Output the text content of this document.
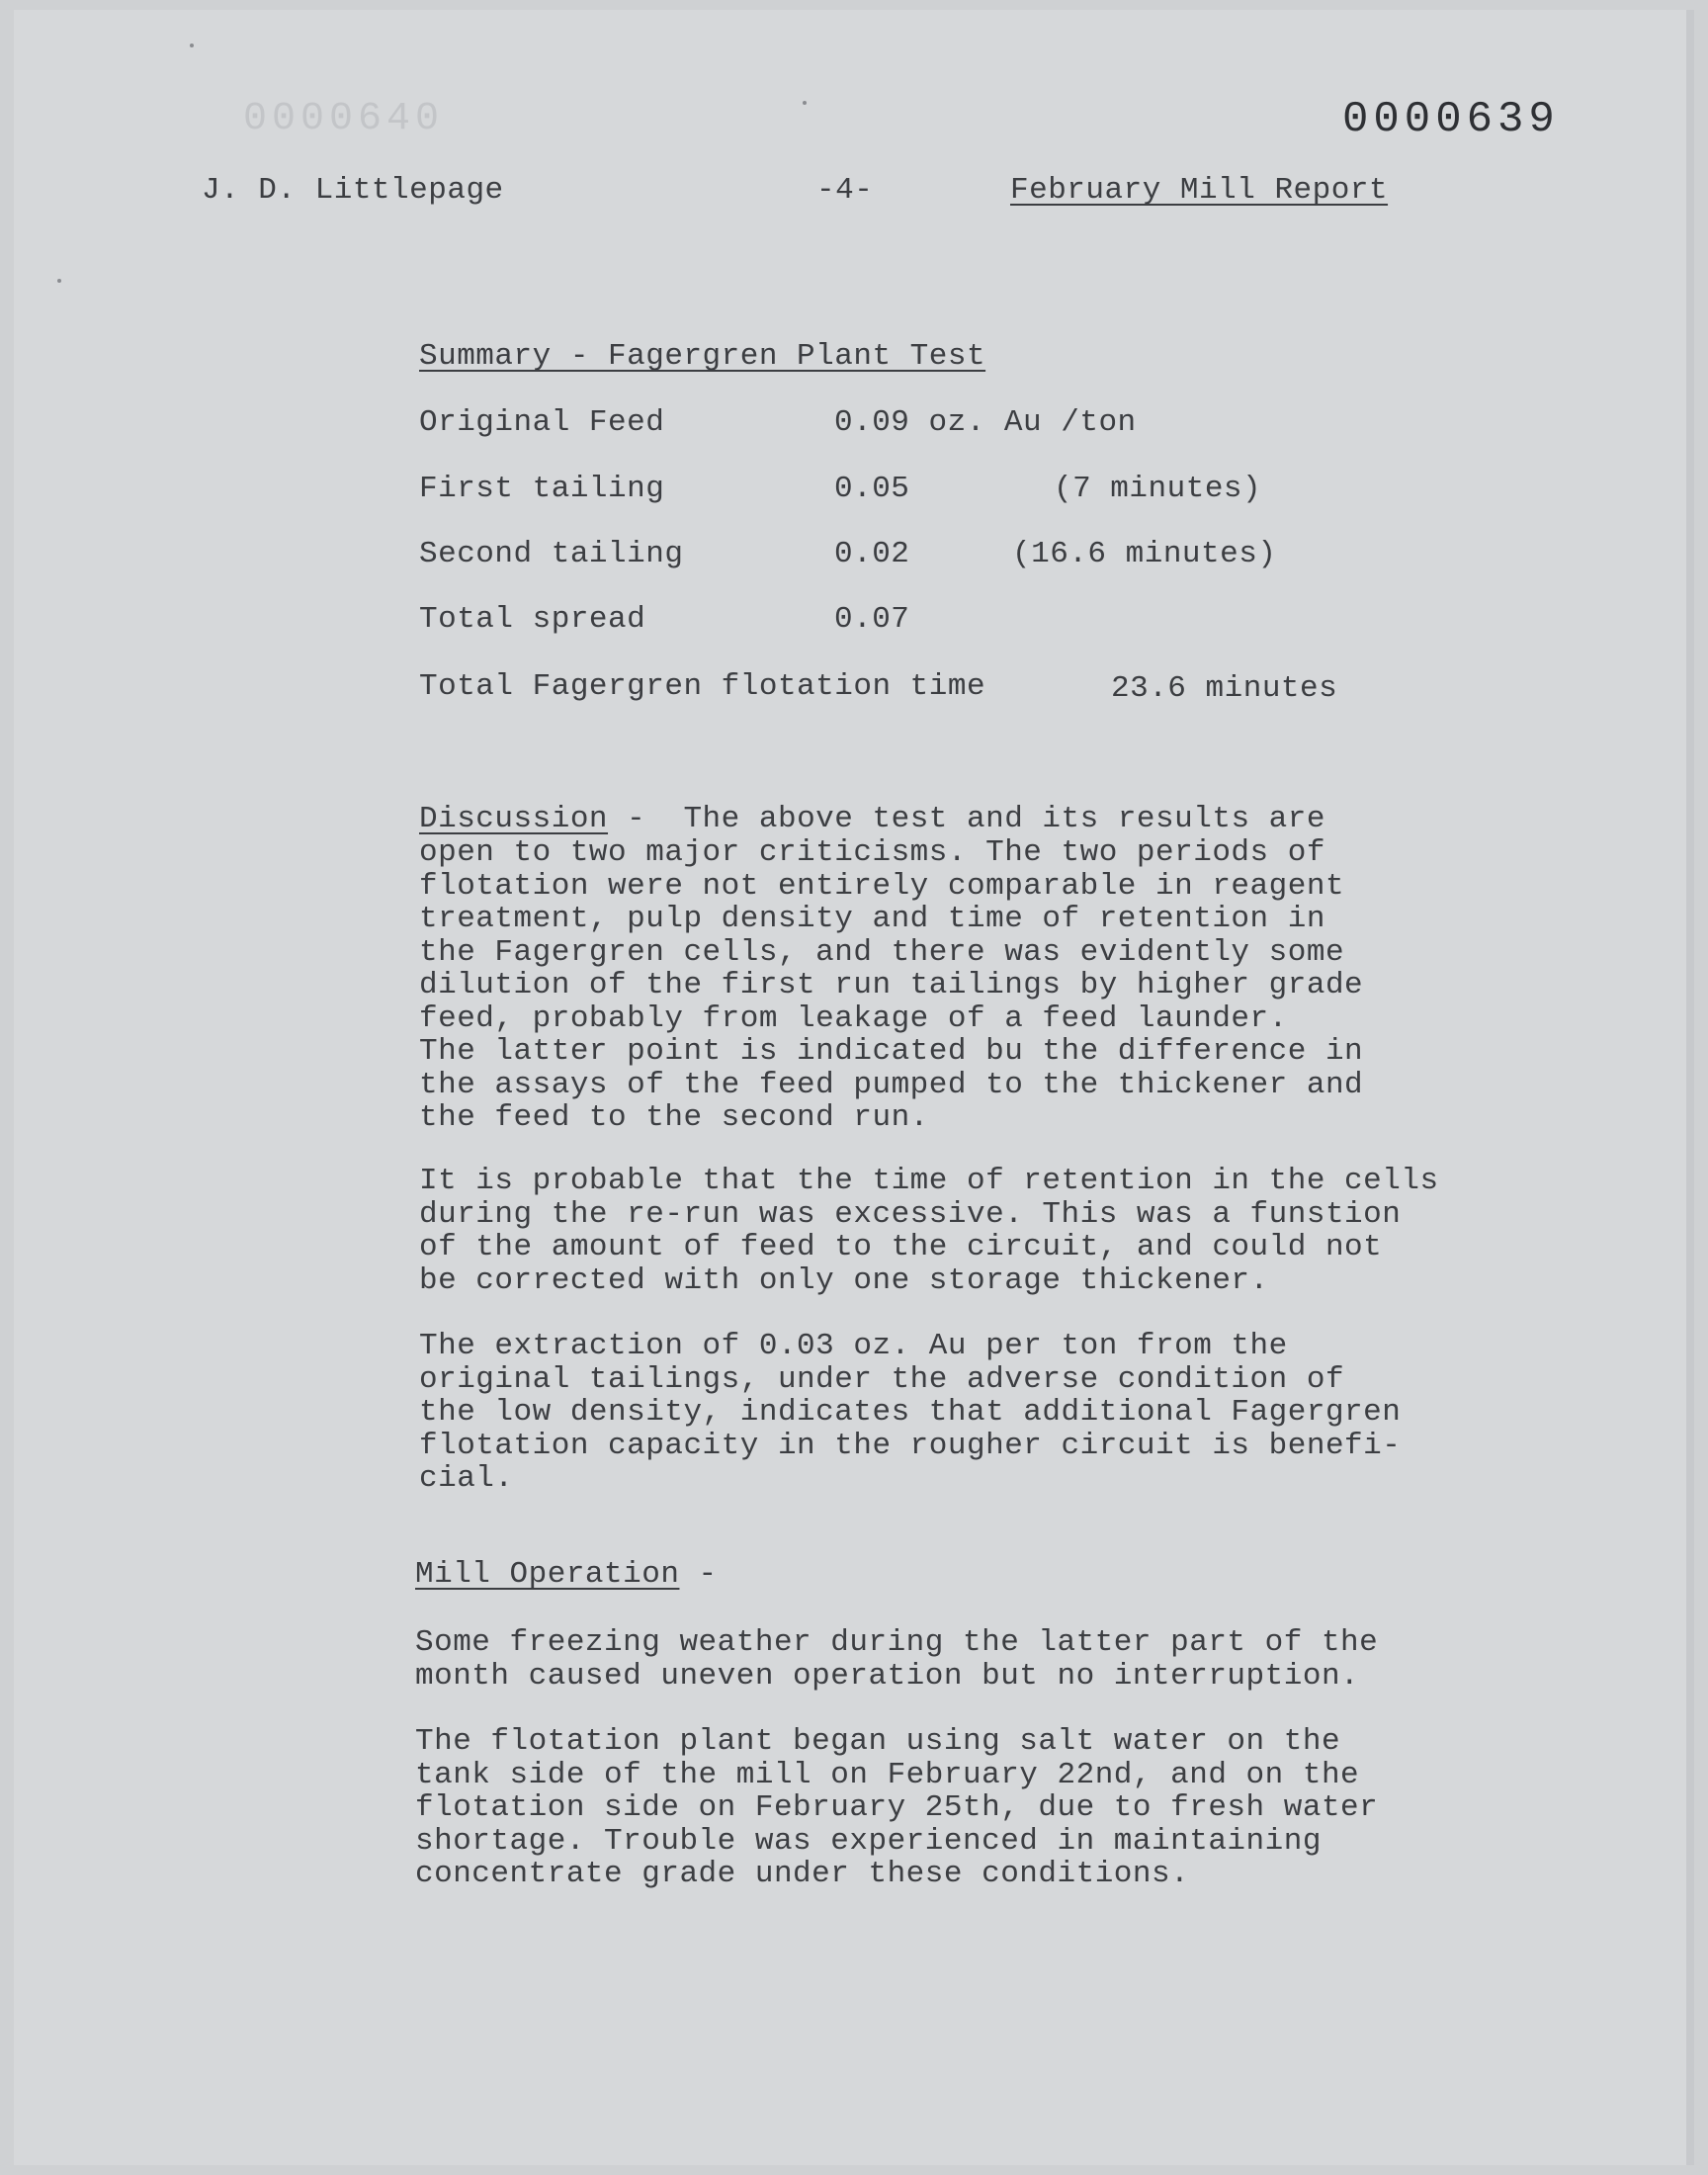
0000640	0000639
J. D. Littlepage	-4-	February Mill Report
Summary - Fagergren Plant Test
Original Feed	0.09 oz. Au /ton
First tailing	0.05	(7 minutes)
Second tailing	0.02	(16.6 minutes)
Total spread	0.07
Total Fagergren flotation time	23.6 minutes
Discussion -  The above test and its results are
open to two major criticisms. The two periods of
flotation were not entirely comparable in reagent
treatment, pulp density and time of retention in
the Fagergren cells, and there was evidently some
dilution of the first run tailings by higher grade
feed, probably from leakage of a feed launder.
The latter point is indicated bu the difference in
the assays of the feed pumped to the thickener and
the feed to the second run.
It is probable that the time of retention in the cells
during the re-run was excessive. This was a funstion
of the amount of feed to the circuit, and could not
be corrected with only one storage thickener.
The extraction of 0.03 oz. Au per ton from the
original tailings, under the adverse condition of
the low density, indicates that additional Fagergren
flotation capacity in the rougher circuit is benefi-
cial.
Mill Operation -
Some freezing weather during the latter part of the
month caused uneven operation but no interruption.
The flotation plant began using salt water on the
tank side of the mill on February 22nd, and on the
flotation side on February 25th, due to fresh water
shortage. Trouble was experienced in maintaining
concentrate grade under these conditions.
